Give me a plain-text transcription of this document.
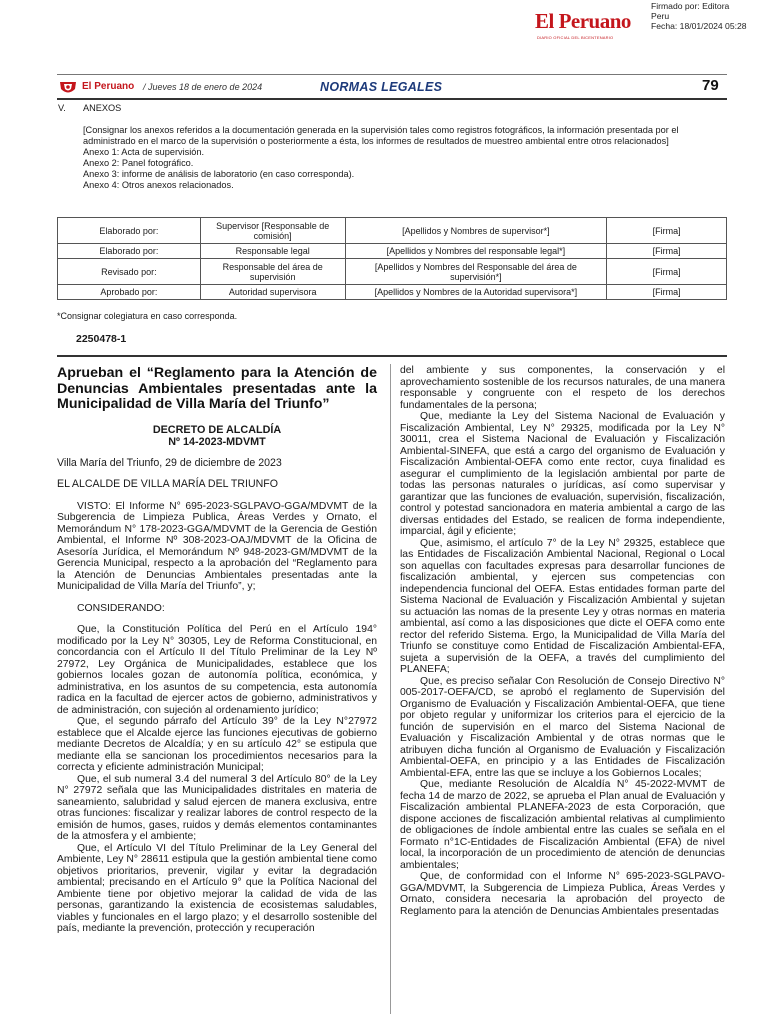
El Peruano
DIARIO OFICIAL DEL BICENTENARIO
Firmado por: Editora
Peru
Fecha: 18/01/2024 05:28
El Peruano / Jueves 18 de enero de 2024	NORMAS LEGALES	79
V. ANEXOS
[Consignar los anexos referidos a la documentación generada en la supervisión tales como registros fotográficos, la información presentada por el administrado en el marco de la supervisión o posteriormente a ésta, los informes de resultados de muestreo ambiental entre otros relacionados]
Anexo 1: Acta de supervisión.
Anexo 2: Panel fotográfico.
Anexo 3: informe de análisis de laboratorio (en caso corresponda).
Anexo 4: Otros anexos relacionados.
Elaborado por:	Supervisor [Responsable de comisión]	[Apellidos y Nombres de supervisor*]	[Firma]
Elaborado por:	Responsable legal	[Apellidos y Nombres del responsable legal*]	[Firma]
Revisado por:	Responsable del área de supervisión	[Apellidos y Nombres del Responsable del área de supervisión*]	[Firma]
Aprobado por:	Autoridad supervisora	[Apellidos y Nombres de la Autoridad supervisora*]	[Firma]
*Consignar colegiatura en caso corresponda.
2250478-1
Aprueban el “Reglamento para la Atención de Denuncias Ambientales presentadas ante la Municipalidad de Villa María del Triunfo”
DECRETO DE ALCALDÍA
Nº 14-2023-MDVMT

Villa María del Triunfo, 29 de diciembre de 2023

EL ALCALDE DE VILLA MARÍA DEL TRIUNFO

VISTO: El Informe N° 695-2023-SGLPAVO-GGA/MDVMT de la Subgerencia de Limpieza Publica, Áreas Verdes y Ornato, el Memorándum N° 178-2023-GGA/MDVMT de la Gerencia de Gestión Ambiental, el Informe Nº 308-2023-OAJ/MDVMT de la Oficina de Asesoría Jurídica, el Memorándum Nº 948-2023-GM/MDVMT de la Gerencia Municipal, respecto a la aprobación del “Reglamento para la Atención de Denuncias Ambientales presentadas ante la Municipalidad de Villa María del Triunfo”, y;

CONSIDERANDO:

Que, la Constitución Política del Perú en el Artículo 194° modificado por la Ley N° 30305, Ley de Reforma Constitucional, en concordancia con el Artículo II del Título Preliminar de la Ley Nº 27972, Ley Orgánica de Municipalidades, establece que los gobiernos locales gozan de autonomía política, económica, y administrativa, en los asuntos de su competencia, esta autonomía radica en la facultad de ejercer actos de gobierno, administrativos y de administración, con sujeción al ordenamiento jurídico;

Que, el segundo párrafo del Artículo 39° de la Ley N°27972 establece que el Alcalde ejerce las funciones ejecutivas de gobierno mediante Decretos de Alcaldía; y en su artículo 42° se estipula que mediante ella se sancionan los procedimientos necesarios para la correcta y eficiente administración Municipal;

Que, el sub numeral 3.4 del numeral 3 del Artículo 80° de la Ley N° 27972 señala que las Municipalidades distritales en materia de saneamiento, salubridad y salud ejercen de manera exclusiva, entre otras funciones: fiscalizar y realizar labores de control respecto de la emisión de humos, gases, ruidos y demás elementos contaminantes de la atmosfera y el ambiente;

Que, el Artículo VI del Título Preliminar de la Ley General del Ambiente, Ley N° 28611 estipula que la gestión ambiental tiene como objetivos prioritarios, prevenir, vigilar y evitar la degradación ambiental; precisando en el Artículo 9° que la Política Nacional del Ambiente tiene por objetivo mejorar la calidad de vida de las personas, garantizando la existencia de ecosistemas saludables, viables y funcionales en el largo plazo; y el desarrollo sostenible del país, mediante la prevención, protección y recuperación

del ambiente y sus componentes, la conservación y el aprovechamiento sostenible de los recursos naturales, de una manera responsable y congruente con el respeto de los derechos fundamentales de la persona;

Que, mediante la Ley del Sistema Nacional de Evaluación y Fiscalización Ambiental, Ley N° 29325, modificada por la Ley N° 30011, crea el Sistema Nacional de Evaluación y Fiscalización Ambiental-SINEFA, que está a cargo del organismo de Evaluación y Fiscalización Ambiental-OEFA como ente rector, cuya finalidad es asegurar el cumplimiento de la legislación ambiental por parte de todas las personas naturales o jurídicas, así como supervisar y garantizar que las funciones de evaluación, supervisión, fiscalización, control y potestad sancionadora en materia ambiental a cargo de las diversas entidades del Estado, se realicen de forma independiente, imparcial, ágil y eficiente;

Que, asimismo, el artículo 7° de la Ley N° 29325, establece que las Entidades de Fiscalización Ambiental Nacional, Regional o Local son aquellas con facultades expresas para desarrollar funciones de fiscalización ambiental, y ejercen sus competencias con independencia funcional del OEFA. Estas entidades forman parte del Sistema Nacional de Evaluación y Fiscalización Ambiental y sujetan su actuación las nomas de la presente Ley y otras normas en materia ambiental, así como a las disposiciones que dicte el OEFA como ente rector del referido Sistema. Ergo, la Municipalidad de Villa María del Triunfo se constituye como Entidad de Fiscalización Ambiental-EFA, sujeta a supervisión de la OEFA, a través del cumplimiento del PLANEFA;

Que, es preciso señalar Con Resolución de Consejo Directivo N° 005-2017-OEFA/CD, se aprobó el reglamento de Supervisión del Organismo de Evaluación y Fiscalización Ambiental-OEFA, que tiene por objeto regular y uniformizar los criterios para el ejercicio de la función de supervisión en el marco del Sistema Nacional de Evaluación y Fiscalización Ambiental y de otras normas que le atribuyen dicha función al Organismo de Evaluación y Fiscalización Ambiental-OEFA, en principio y a las Entidades de Fiscalización Ambiental-EFA, entre las que se incluye a los Gobiernos Locales;

Que, mediante Resolución de Alcaldía N° 45-2022-MVMT de fecha 14 de marzo de 2022, se aprueba el Plan anual de Evaluación y Fiscalización ambiental PLANEFA-2023 de esta Corporación, que dispone acciones de fiscalización ambiental relativas al cumplimiento de obligaciones de índole ambiental entre las cuales se señala en el Formato n°1C-Entidades de Fiscalización Ambiental (EFA) de nivel local, la incorporación de un procedimiento de atención de denuncias ambientales;

Que, de conformidad con el Informe N° 695-2023-SGLPAVO-GGA/MDVMT, la Subgerencia de Limpieza Publica, Áreas Verdes y Ornato, considera necesaria la aprobación del proyecto de Reglamento para la atención de Denuncias Ambientales presentadas
